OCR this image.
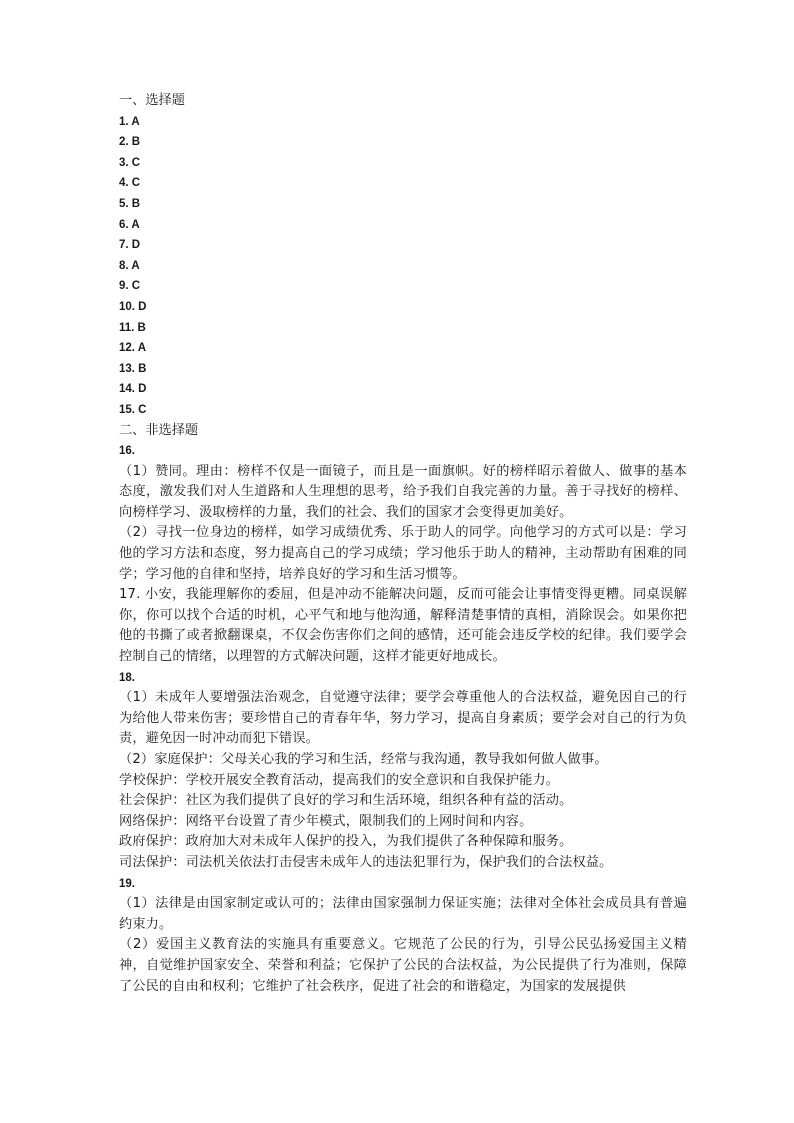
一、选择题
1. A
2. B
3. C
4. C
5. B
6. A
7. D
8. A
9. C
10. D
11. B
12. A
13. B
14. D
15. C
二、非选择题
16.
（1）赞同。理由：榜样不仅是一面镜子，而且是一面旗帜。好的榜样昭示着做人、做事的基本态度，激发我们对人生道路和人生理想的思考，给予我们自我完善的力量。善于寻找好的榜样、向榜样学习、汲取榜样的力量，我们的社会、我们的国家才会变得更加美好。
（2）寻找一位身边的榜样，如学习成绩优秀、乐于助人的同学。向他学习的方式可以是：学习他的学习方法和态度，努力提高自己的学习成绩；学习他乐于助人的精神，主动帮助有困难的同学；学习他的自律和坚持，培养良好的学习和生活习惯等。
17. 小安，我能理解你的委屈，但是冲动不能解决问题，反而可能会让事情变得更糟。同桌误解你，你可以找个合适的时机，心平气和地与他沟通，解释清楚事情的真相，消除误会。如果你把他的书撕了或者掀翻课桌，不仅会伤害你们之间的感情，还可能会违反学校的纪律。我们要学会控制自己的情绪，以理智的方式解决问题，这样才能更好地成长。
18.
（1）未成年人要增强法治观念，自觉遵守法律；要学会尊重他人的合法权益，避免因自己的行为给他人带来伤害；要珍惜自己的青春年华，努力学习，提高自身素质；要学会对自己的行为负责，避免因一时冲动而犯下错误。
（2）家庭保护：父母关心我的学习和生活，经常与我沟通，教导我如何做人做事。
学校保护：学校开展安全教育活动，提高我们的安全意识和自我保护能力。
社会保护：社区为我们提供了良好的学习和生活环境，组织各种有益的活动。
网络保护：网络平台设置了青少年模式，限制我们的上网时间和内容。
政府保护：政府加大对未成年人保护的投入，为我们提供了各种保障和服务。
司法保护：司法机关依法打击侵害未成年人的违法犯罪行为，保护我们的合法权益。
19.
（1）法律是由国家制定或认可的；法律由国家强制力保证实施；法律对全体社会成员具有普遍约束力。
（2）爱国主义教育法的实施具有重要意义。它规范了公民的行为，引导公民弘扬爱国主义精神，自觉维护国家安全、荣誉和利益；它保护了公民的合法权益，为公民提供了行为准则，保障了公民的自由和权利；它维护了社会秩序，促进了社会的和谐稳定，为国家的发展提供
